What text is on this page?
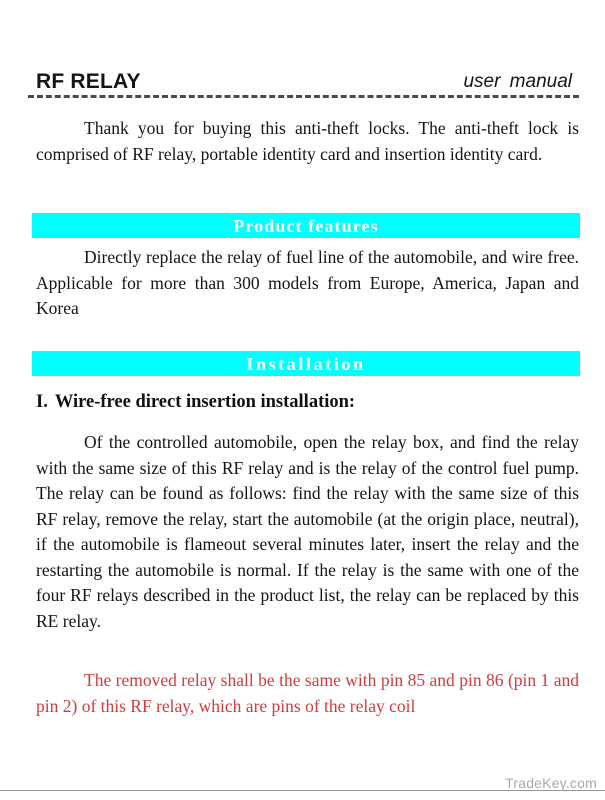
RF RELAY	user manual
Thank you for buying this anti-theft locks. The anti-theft lock is comprised of RF relay, portable identity card and insertion identity card.
Product features
Directly replace the relay of fuel line of the automobile, and wire free. Applicable for more than 300 models from Europe, America, Japan and Korea
Installation
I. Wire-free direct insertion installation:
Of the controlled automobile, open the relay box, and find the relay with the same size of this RF relay and is the relay of the control fuel pump. The relay can be found as follows: find the relay with the same size of this RF relay, remove the relay, start the automobile (at the origin place, neutral), if the automobile is flameout several minutes later, insert the relay and the restarting the automobile is normal. If the relay is the same with one of the four RF relays described in the product list, the relay can be replaced by this RE relay.
The removed relay shall be the same with pin 85 and pin 86 (pin 1 and pin 2) of this RF relay, which are pins of the relay coil
TradeKey.com
